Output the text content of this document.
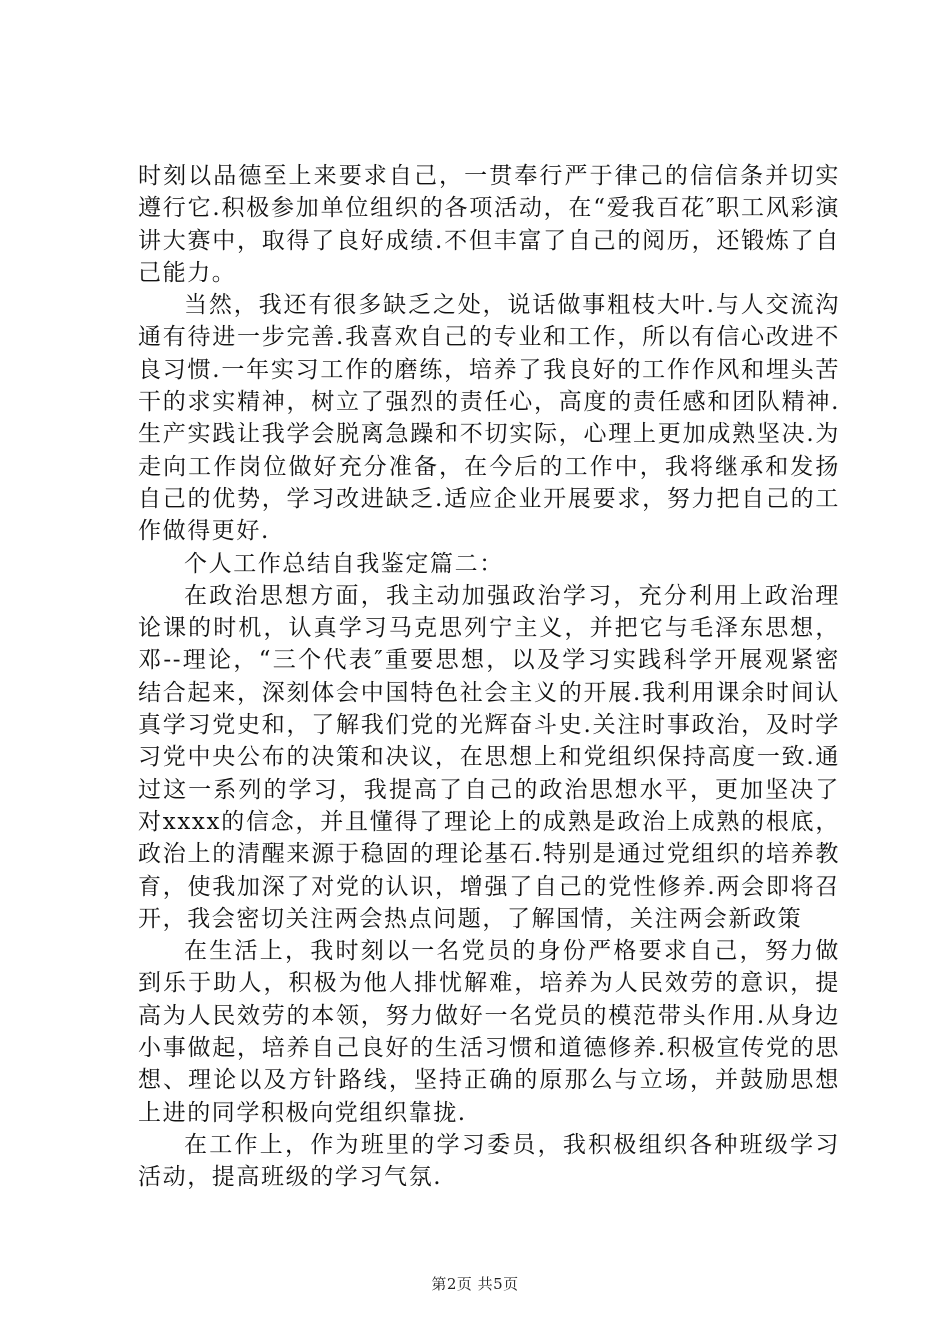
时刻以品德至上来要求自己，一贯奉行严于律己的信信条并切实遵行它.积极参加单位组织的各项活动，在“爱我百花″职工风彩演讲大赛中，取得了良好成绩.不但丰富了自己的阅历，还锻炼了自己能力。

当然，我还有很多缺乏之处，说话做事粗枝大叶.与人交流沟通有待进一步完善.我喜欢自己的专业和工作，所以有信心改进不良习惯.一年实习工作的磨练，培养了我良好的工作作风和埋头苦干的求实精神，树立了强烈的责任心，高度的责任感和团队精神.生产实践让我学会脱离急躁和不切实际，心理上更加成熟坚决.为走向工作岗位做好充分准备，在今后的工作中，我将继承和发扬自己的优势，学习改进缺乏.适应企业开展要求，努力把自己的工作做得更好.

个人工作总结自我鉴定篇二：

在政治思想方面，我主动加强政治学习，充分利用上政治理论课的时机，认真学习马克思列宁主义，并把它与毛泽东思想，邓--理论，“三个代表″重要思想，以及学习实践科学开展观紧密结合起来，深刻体会中国特色社会主义的开展.我利用课余时间认真学习党史和，了解我们党的光辉奋斗史.关注时事政治，及时学习党中央公布的决策和决议，在思想上和党组织保持高度一致.通过这一系列的学习，我提高了自己的政治思想水平，更加坚决了对xxxx的信念，并且懂得了理论上的成熟是政治上成熟的根底，政治上的清醒来源于稳固的理论基石.特别是通过党组织的培养教育，使我加深了对党的认识，增强了自己的党性修养.两会即将召开，我会密切关注两会热点问题，了解国情，关注两会新政策

在生活上，我时刻以一名党员的身份严格要求自己，努力做到乐于助人，积极为他人排忧解难，培养为人民效劳的意识，提高为人民效劳的本领，努力做好一名党员的模范带头作用.从身边小事做起，培养自己良好的生活习惯和道德修养.积极宣传党的思想、理论以及方针路线，坚持正确的原那么与立场，并鼓励思想上进的同学积极向党组织靠拢.

在工作上，作为班里的学习委员，我积极组织各种班级学习活动，提高班级的学习气氛.

第2页 共5页
